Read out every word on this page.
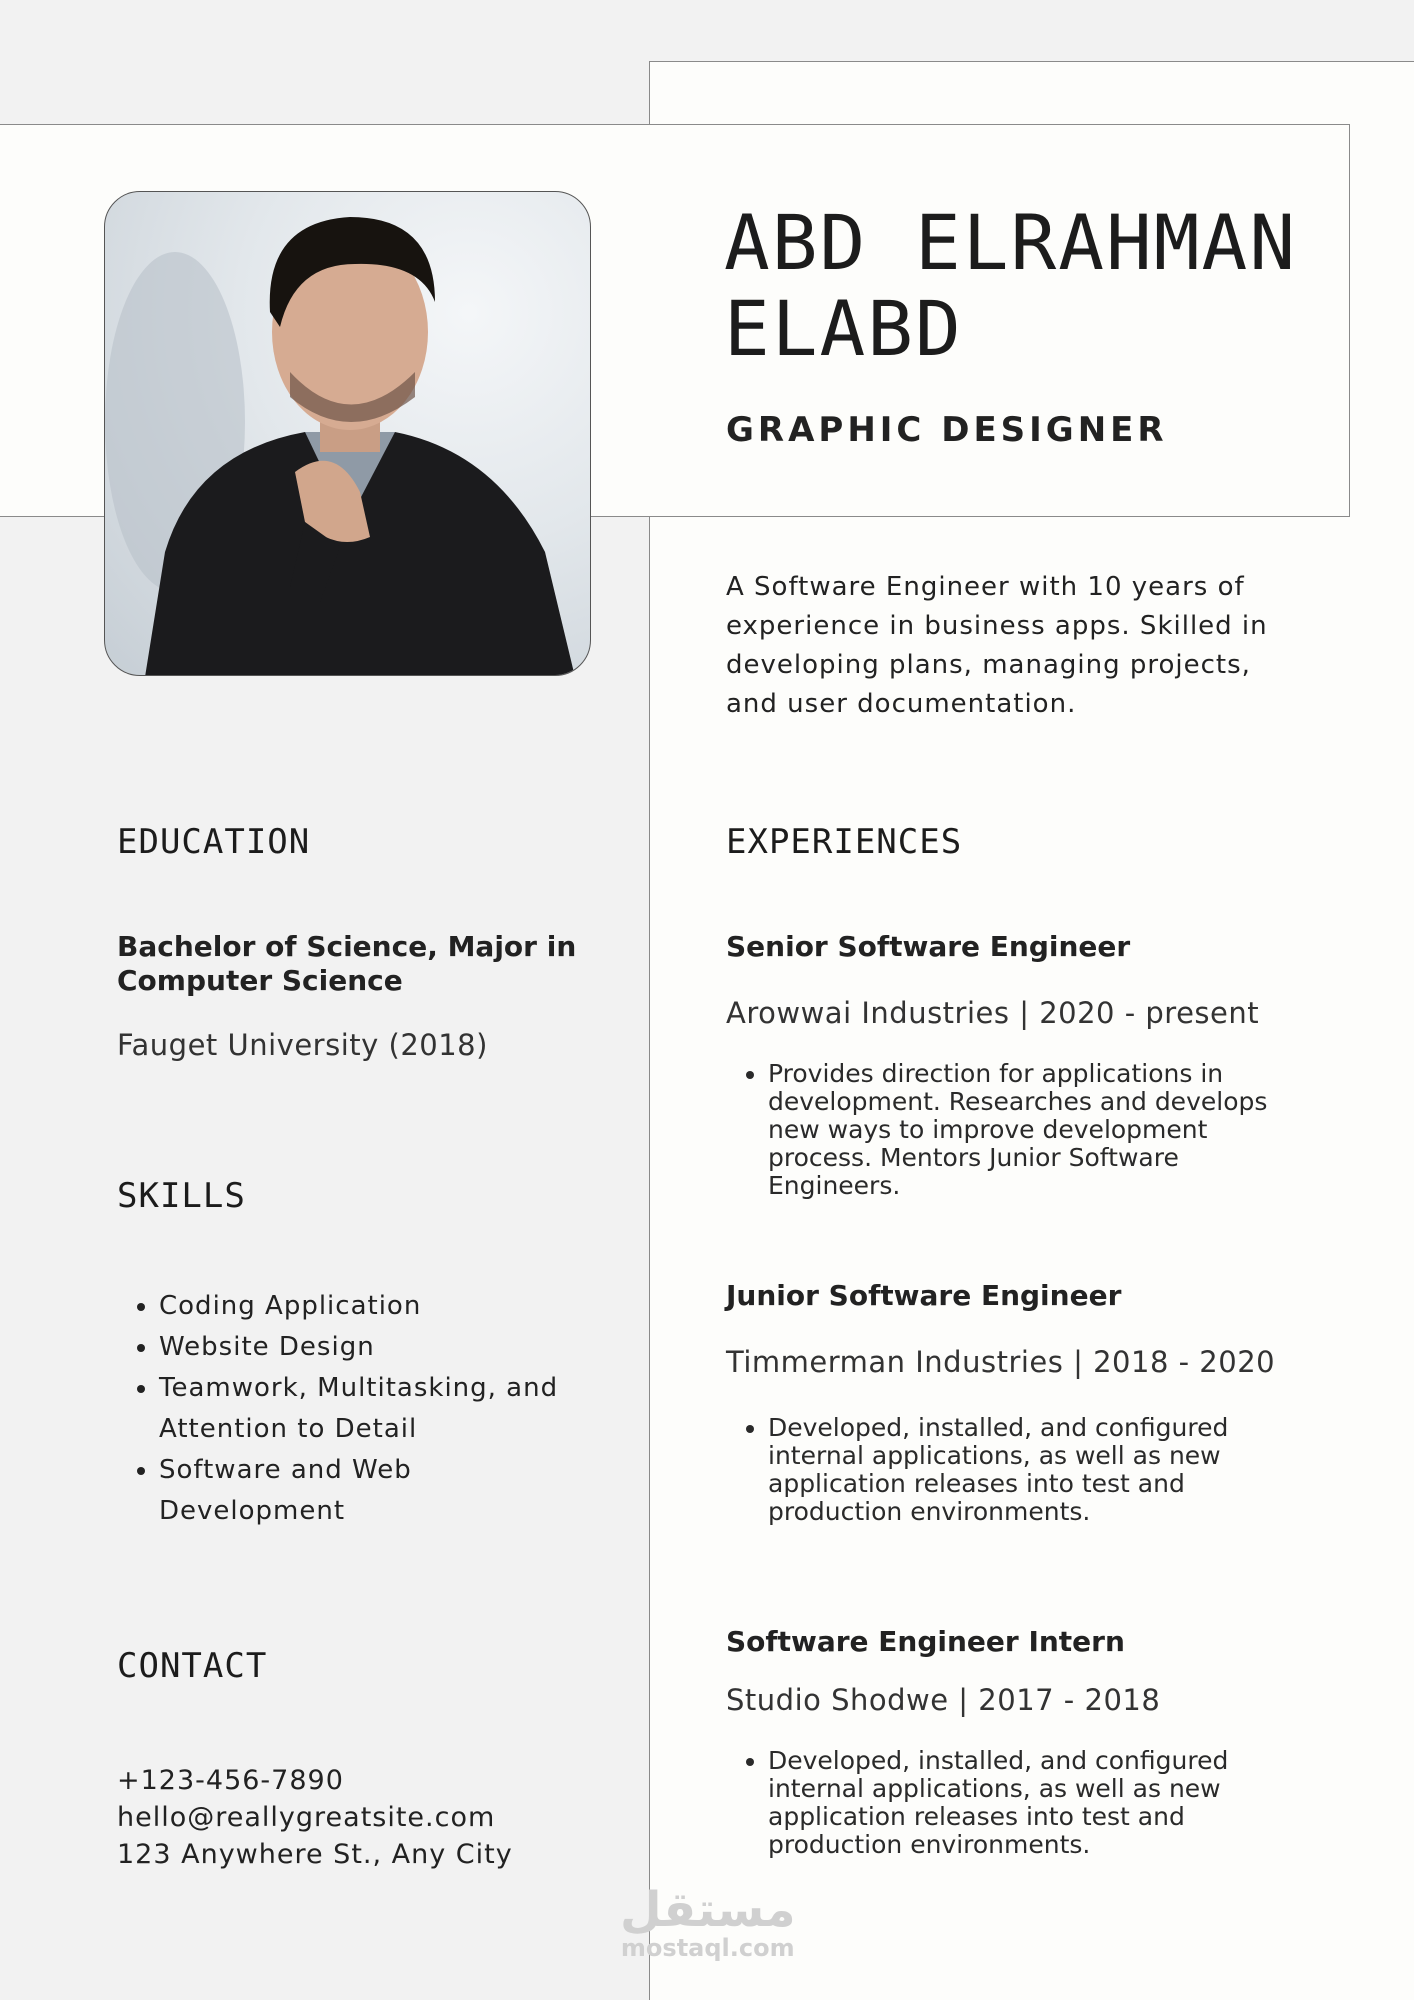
ABD ELRAHMAN
ELABD

GRAPHIC DESIGNER

A Software Engineer with 10 years of experience in business apps. Skilled in developing plans, managing projects, and user documentation.

EDUCATION

Bachelor of Science, Major in Computer Science

Fauget University (2018)

SKILLS
• Coding Application
• Website Design
• Teamwork, Multitasking, and Attention to Detail
• Software and Web Development
CONTACT
+123-456-7890
hello@reallygreatsite.com
123 Anywhere St., Any City
EXPERIENCES

Senior Software Engineer

Arowwai Industries | 2020 - present

• Provides direction for applications in development. Researches and develops new ways to improve development process. Mentors Junior Software Engineers.

Junior Software Engineer

Timmerman Industries | 2018 - 2020

• Developed, installed, and configured internal applications, as well as new application releases into test and production environments.

Software Engineer Intern

Studio Shodwe | 2017 - 2018

• Developed, installed, and configured internal applications, as well as new application releases into test and production environments.
مستقل
mostaql.com
